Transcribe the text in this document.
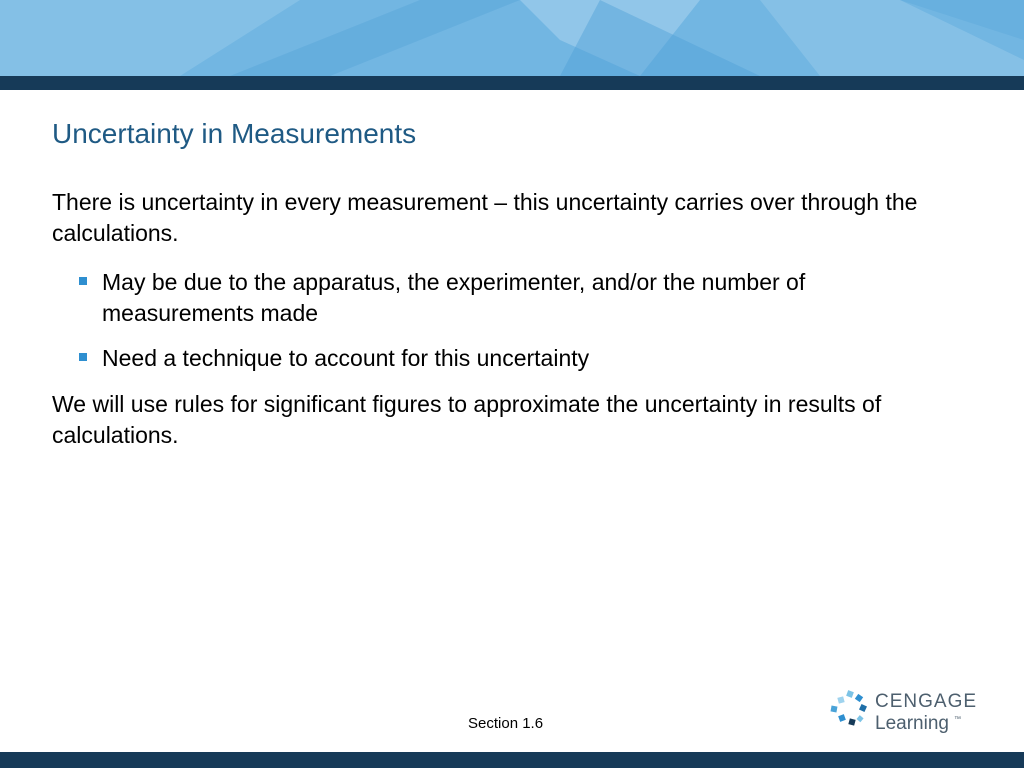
Uncertainty in Measurements

There is uncertainty in every measurement – this uncertainty carries over through the calculations.

May be due to the apparatus, the experimenter, and/or the number of measurements made
Need a technique to account for this uncertainty

We will use rules for significant figures to approximate the uncertainty in results of calculations.

Section 1.6
CENGAGE
Learning ™
